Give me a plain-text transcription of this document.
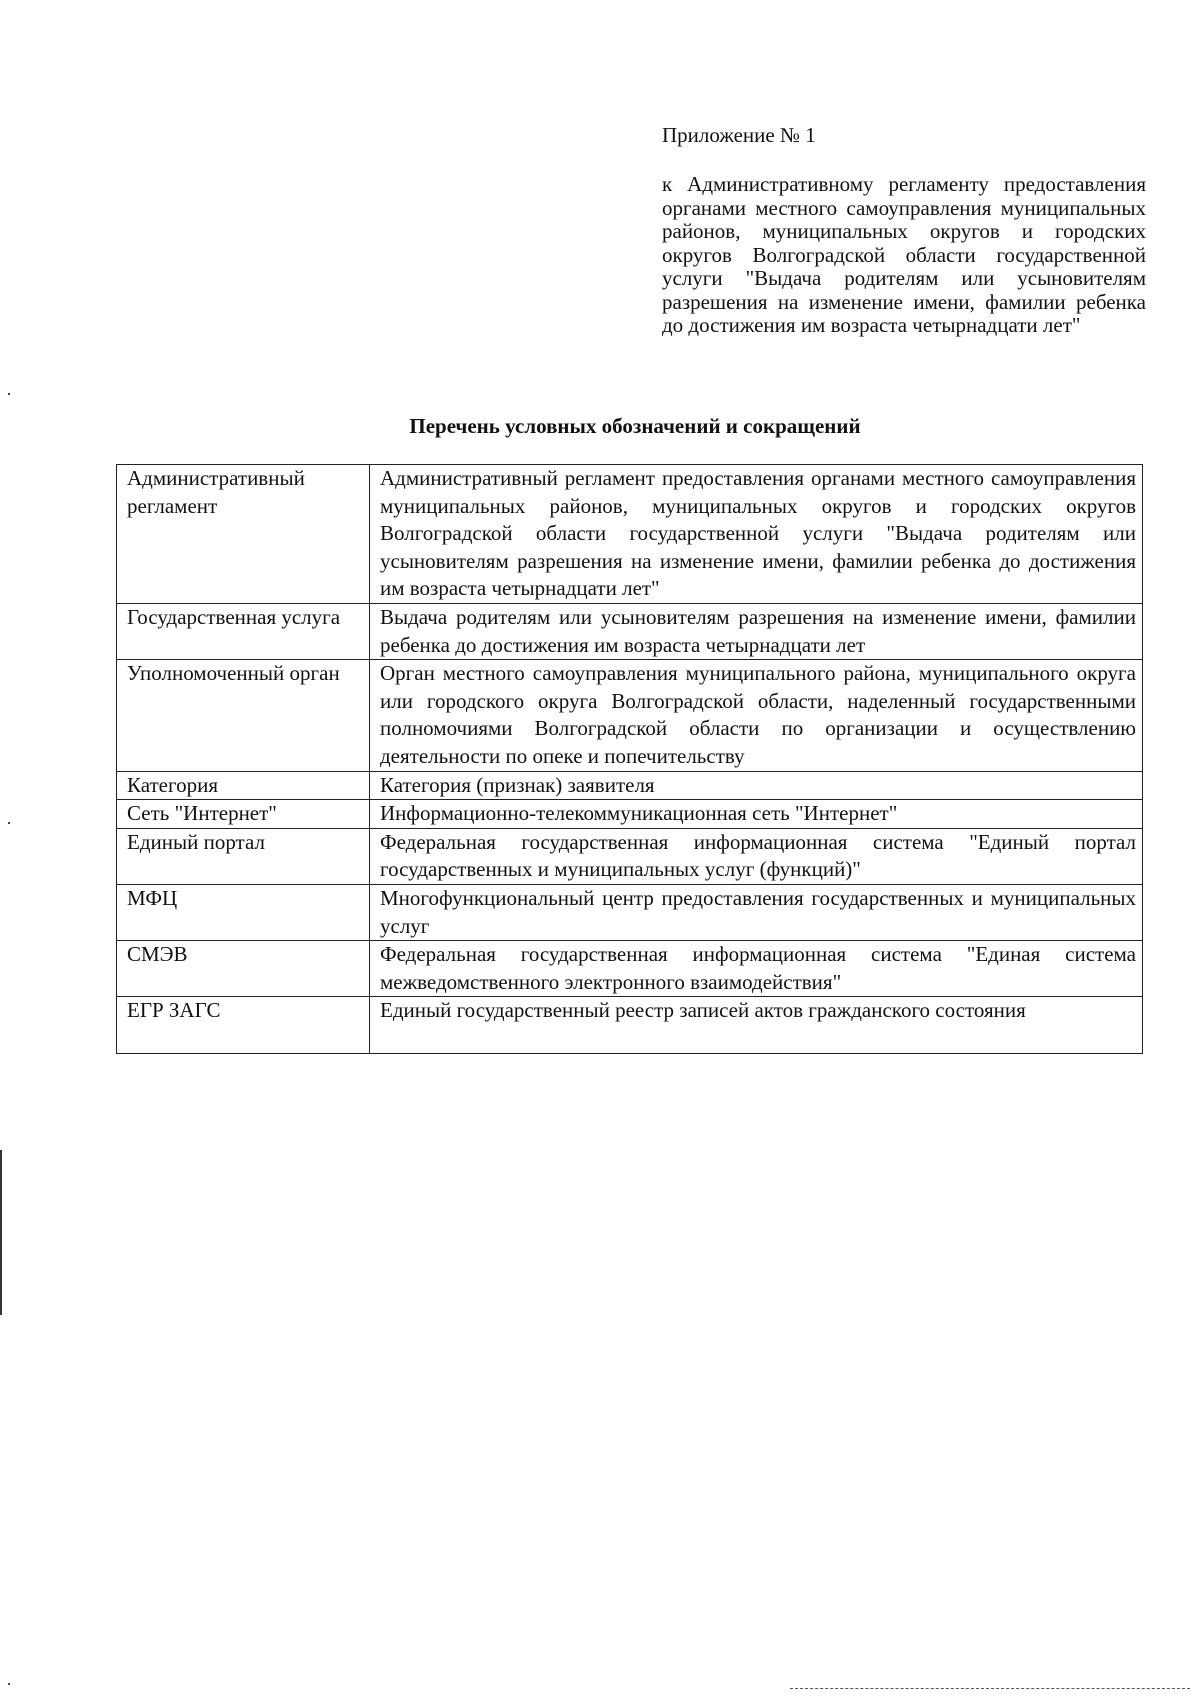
Приложение № 1
к Административному регламенту предоставления органами местного самоуправления муниципальных районов, муниципальных округов и городских округов Волгоградской области государственной услуги "Выдача родителям или усыновителям разрешения на изменение имени, фамилии ребенка до достижения им возраста четырнадцати лет"
Перечень условных обозначений и сокращений
Административный регламент	Административный регламент предоставления органами местного самоуправления муниципальных районов, муниципальных округов и городских округов Волгоградской области государственной услуги "Выдача родителям или усыновителям разрешения на изменение имени, фамилии ребенка до достижения им возраста четырнадцати лет"
Государственная услуга	Выдача родителям или усыновителям разрешения на изменение имени, фамилии ребенка до достижения им возраста четырнадцати лет
Уполномоченный орган	Орган местного самоуправления муниципального района, муниципального округа или городского округа Волгоградской области, наделенный государственными полномочиями Волгоградской области по организации и осуществлению деятельности по опеке и попечительству
Категория	Категория (признак) заявителя
Сеть "Интернет"	Информационно-телекоммуникационная сеть "Интернет"
Единый портал	Федеральная государственная информационная система "Единый портал государственных и муниципальных услуг (функций)"
МФЦ	Многофункциональный центр предоставления государственных и муниципальных услуг
СМЭВ	Федеральная государственная информационная система "Единая система межведомственного электронного взаимодействия"
ЕГР ЗАГС	Единый государственный реестр записей актов гражданского состояния
